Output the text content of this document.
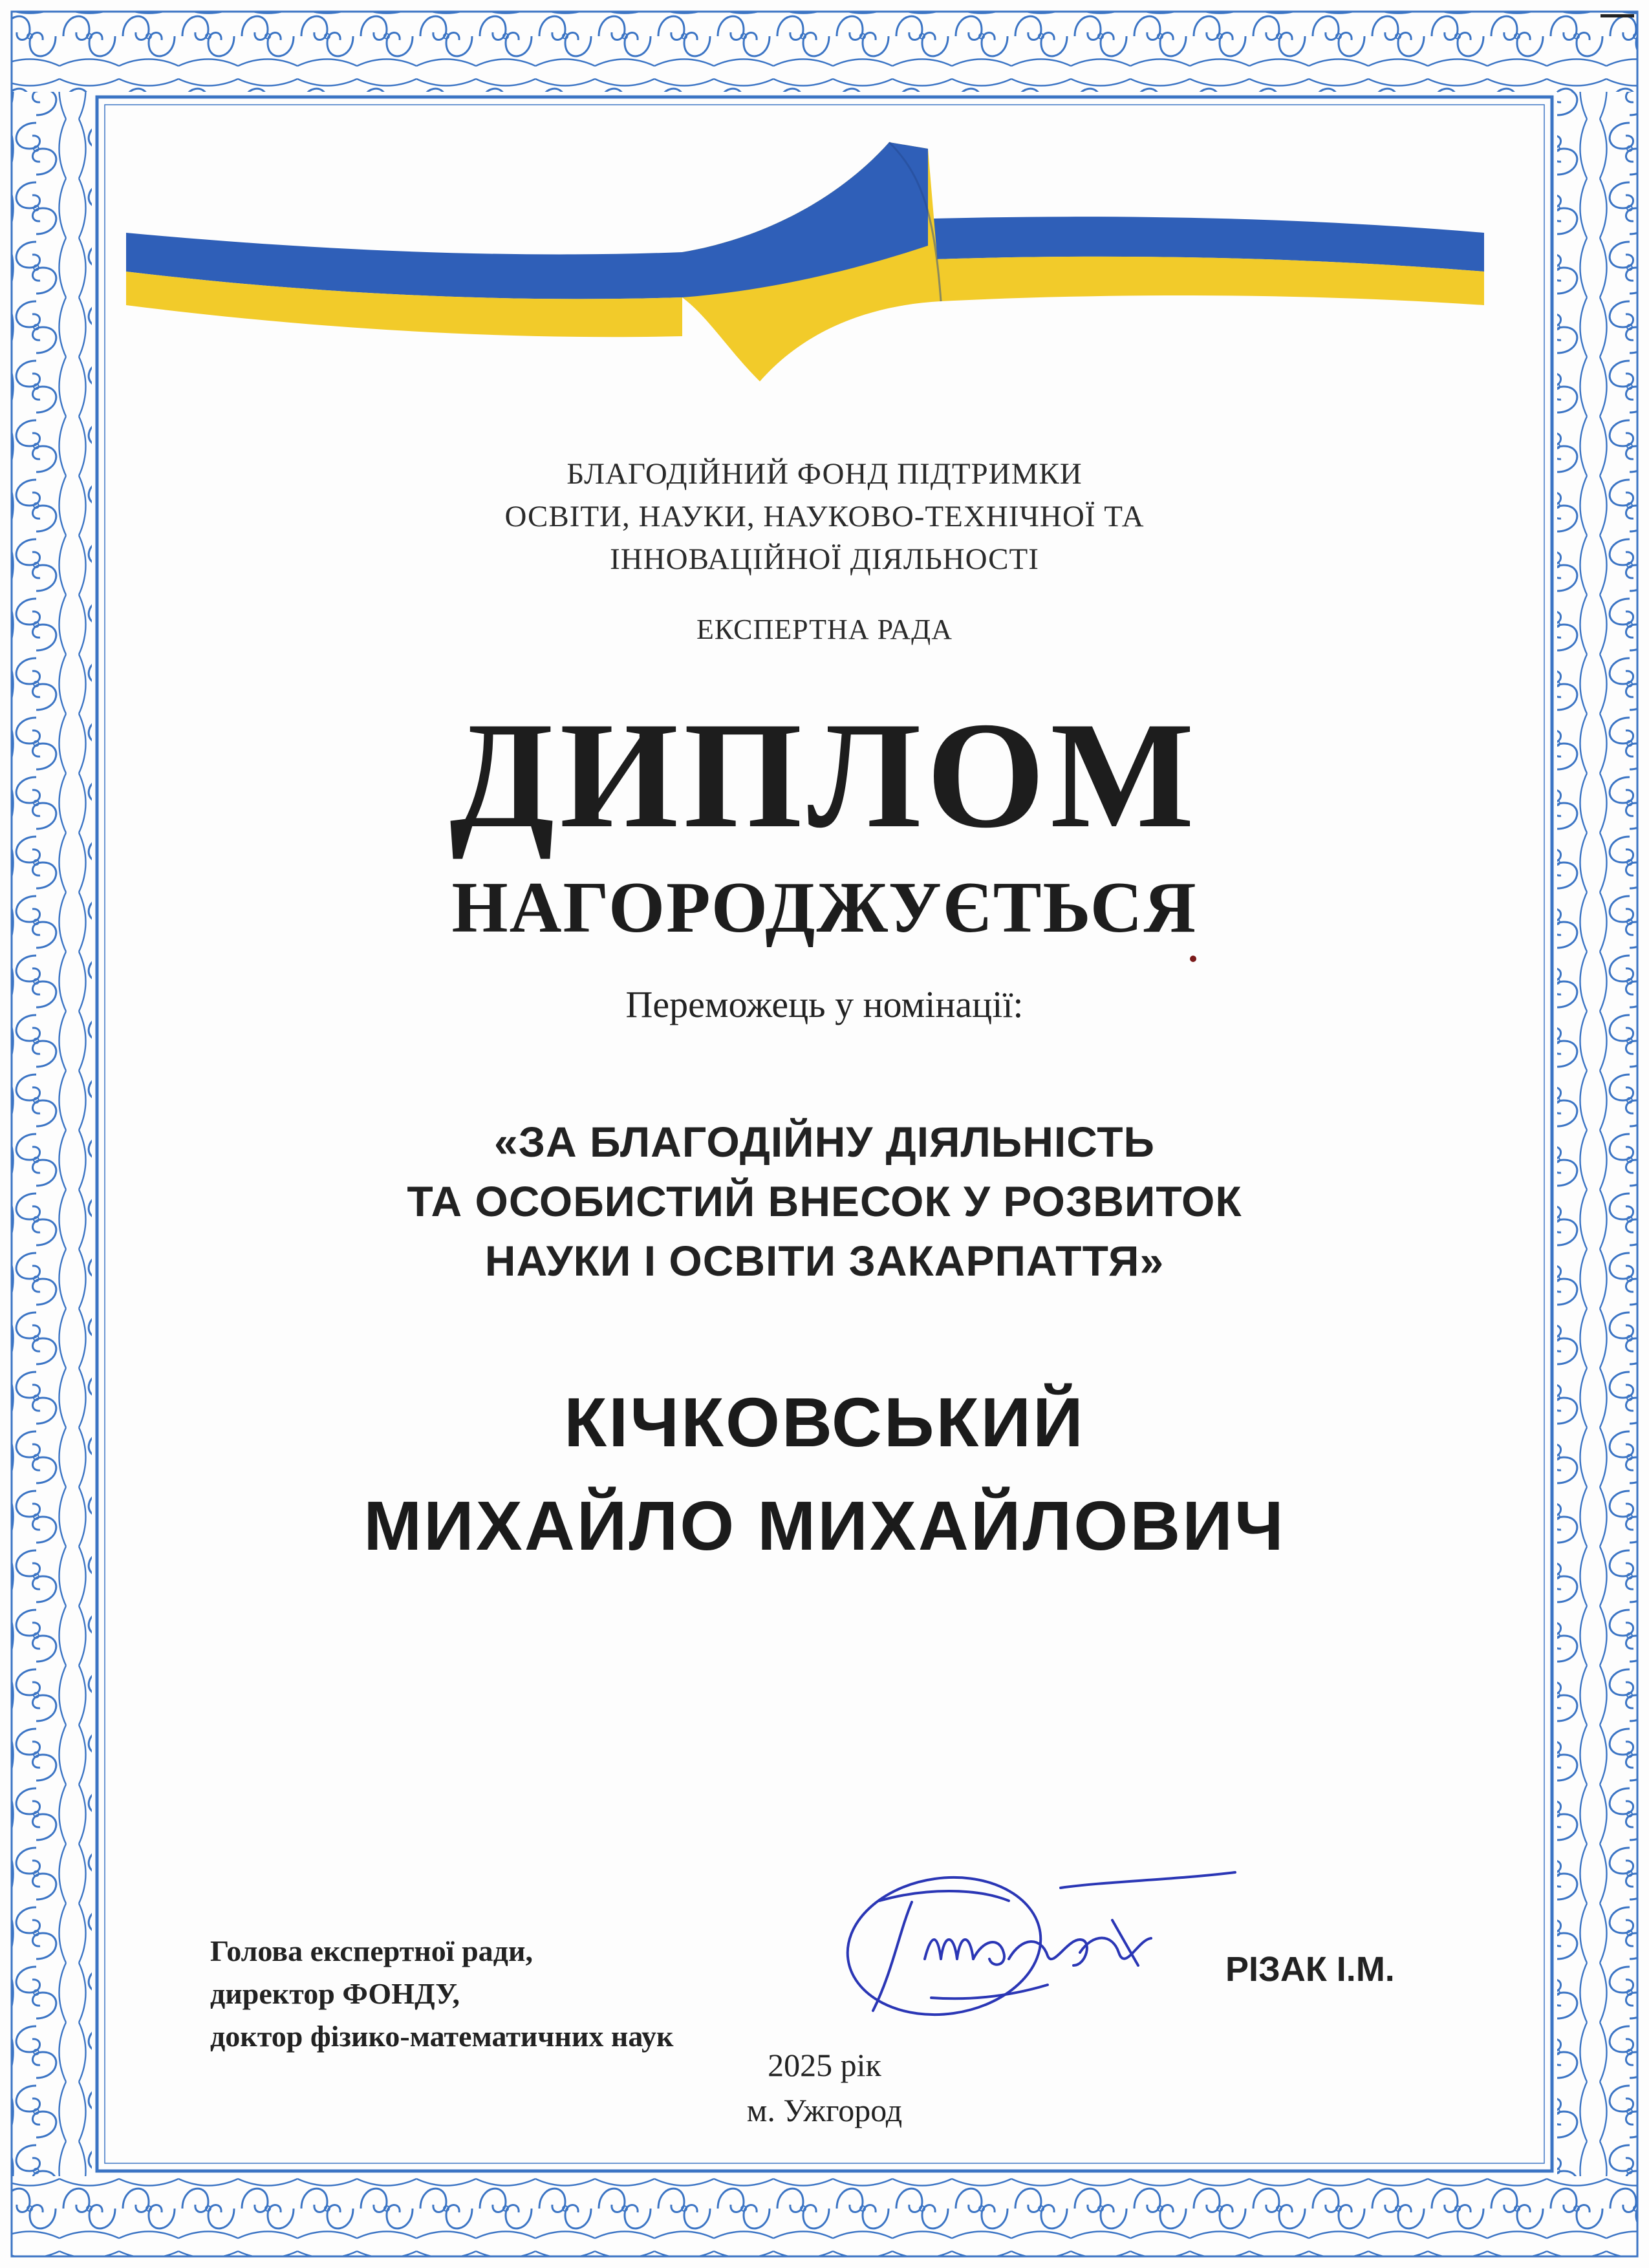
БЛАГОДІЙНИЙ ФОНД ПІДТРИМКИ
ОСВІТИ, НАУКИ, НАУКОВО-ТЕХНІЧНОЇ ТА
ІННОВАЦІЙНОЇ ДІЯЛЬНОСТІ
ЕКСПЕРТНА РАДА
ДИПЛОМ
НАГОРОДЖУЄТЬСЯ
Переможець у номінації:
«ЗА БЛАГОДІЙНУ ДІЯЛЬНІСТЬ
ТА ОСОБИСТИЙ ВНЕСОК У РОЗВИТОК
НАУКИ І ОСВІТИ ЗАКАРПАТТЯ»
КІЧКОВСЬКИЙ
МИХАЙЛО МИХАЙЛОВИЧ
Голова експертної ради,
директор ФОНДУ,
доктор фізико-математичних наук
РІЗАК І.М.
2025 рік
м. Ужгород
